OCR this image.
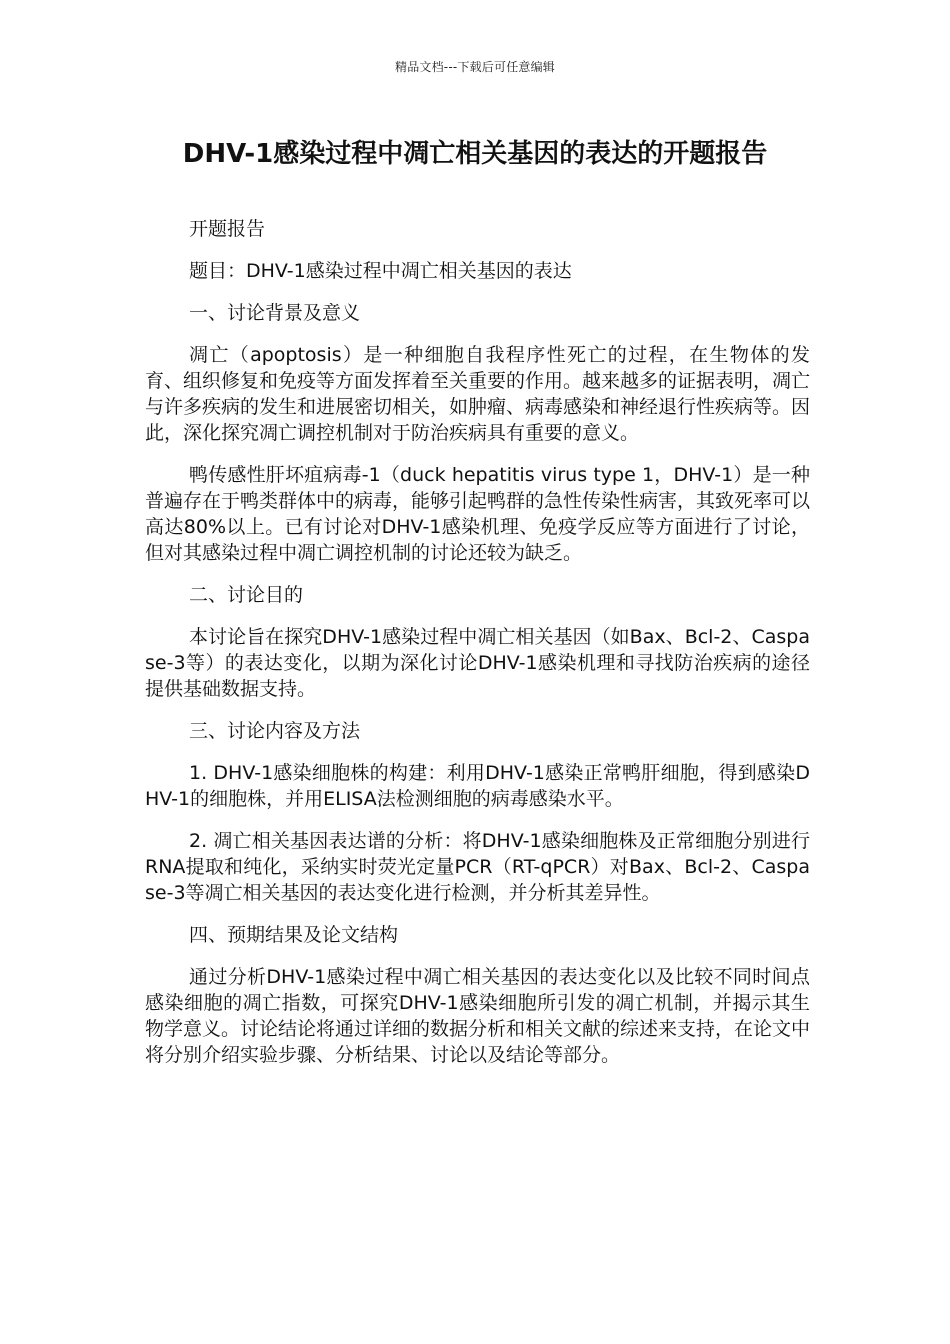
精品文档---下载后可任意编辑
DHV-1感染过程中凋亡相关基因的表达的开题报告

开题报告

题目：DHV-1感染过程中凋亡相关基因的表达

一、讨论背景及意义

凋亡（apoptosis）是一种细胞自我程序性死亡的过程，在生物体的发育、组织修复和免疫等方面发挥着至关重要的作用。越来越多的证据表明，凋亡与许多疾病的发生和进展密切相关，如肿瘤、病毒感染和神经退行性疾病等。因此，深化探究凋亡调控机制对于防治疾病具有重要的意义。

鸭传感性肝坏疽病毒-1（duck hepatitis virus type 1，DHV-1）是一种普遍存在于鸭类群体中的病毒，能够引起鸭群的急性传染性病害，其致死率可以高达80%以上。已有讨论对DHV-1感染机理、免疫学反应等方面进行了讨论，但对其感染过程中凋亡调控机制的讨论还较为缺乏。

二、讨论目的

本讨论旨在探究DHV-1感染过程中凋亡相关基因（如Bax、Bcl-2、Caspase-3等）的表达变化，以期为深化讨论DHV-1感染机理和寻找防治疾病的途径提供基础数据支持。

三、讨论内容及方法

1. DHV-1感染细胞株的构建：利用DHV-1感染正常鸭肝细胞，得到感染DHV-1的细胞株，并用ELISA法检测细胞的病毒感染水平。

2. 凋亡相关基因表达谱的分析：将DHV-1感染细胞株及正常细胞分别进行RNA提取和纯化，采纳实时荧光定量PCR（RT-qPCR）对Bax、Bcl-2、Caspase-3等凋亡相关基因的表达变化进行检测，并分析其差异性。

四、预期结果及论文结构

通过分析DHV-1感染过程中凋亡相关基因的表达变化以及比较不同时间点感染细胞的凋亡指数，可探究DHV-1感染细胞所引发的凋亡机制，并揭示其生物学意义。讨论结论将通过详细的数据分析和相关文献的综述来支持，在论文中将分别介绍实验步骤、分析结果、讨论以及结论等部分。
